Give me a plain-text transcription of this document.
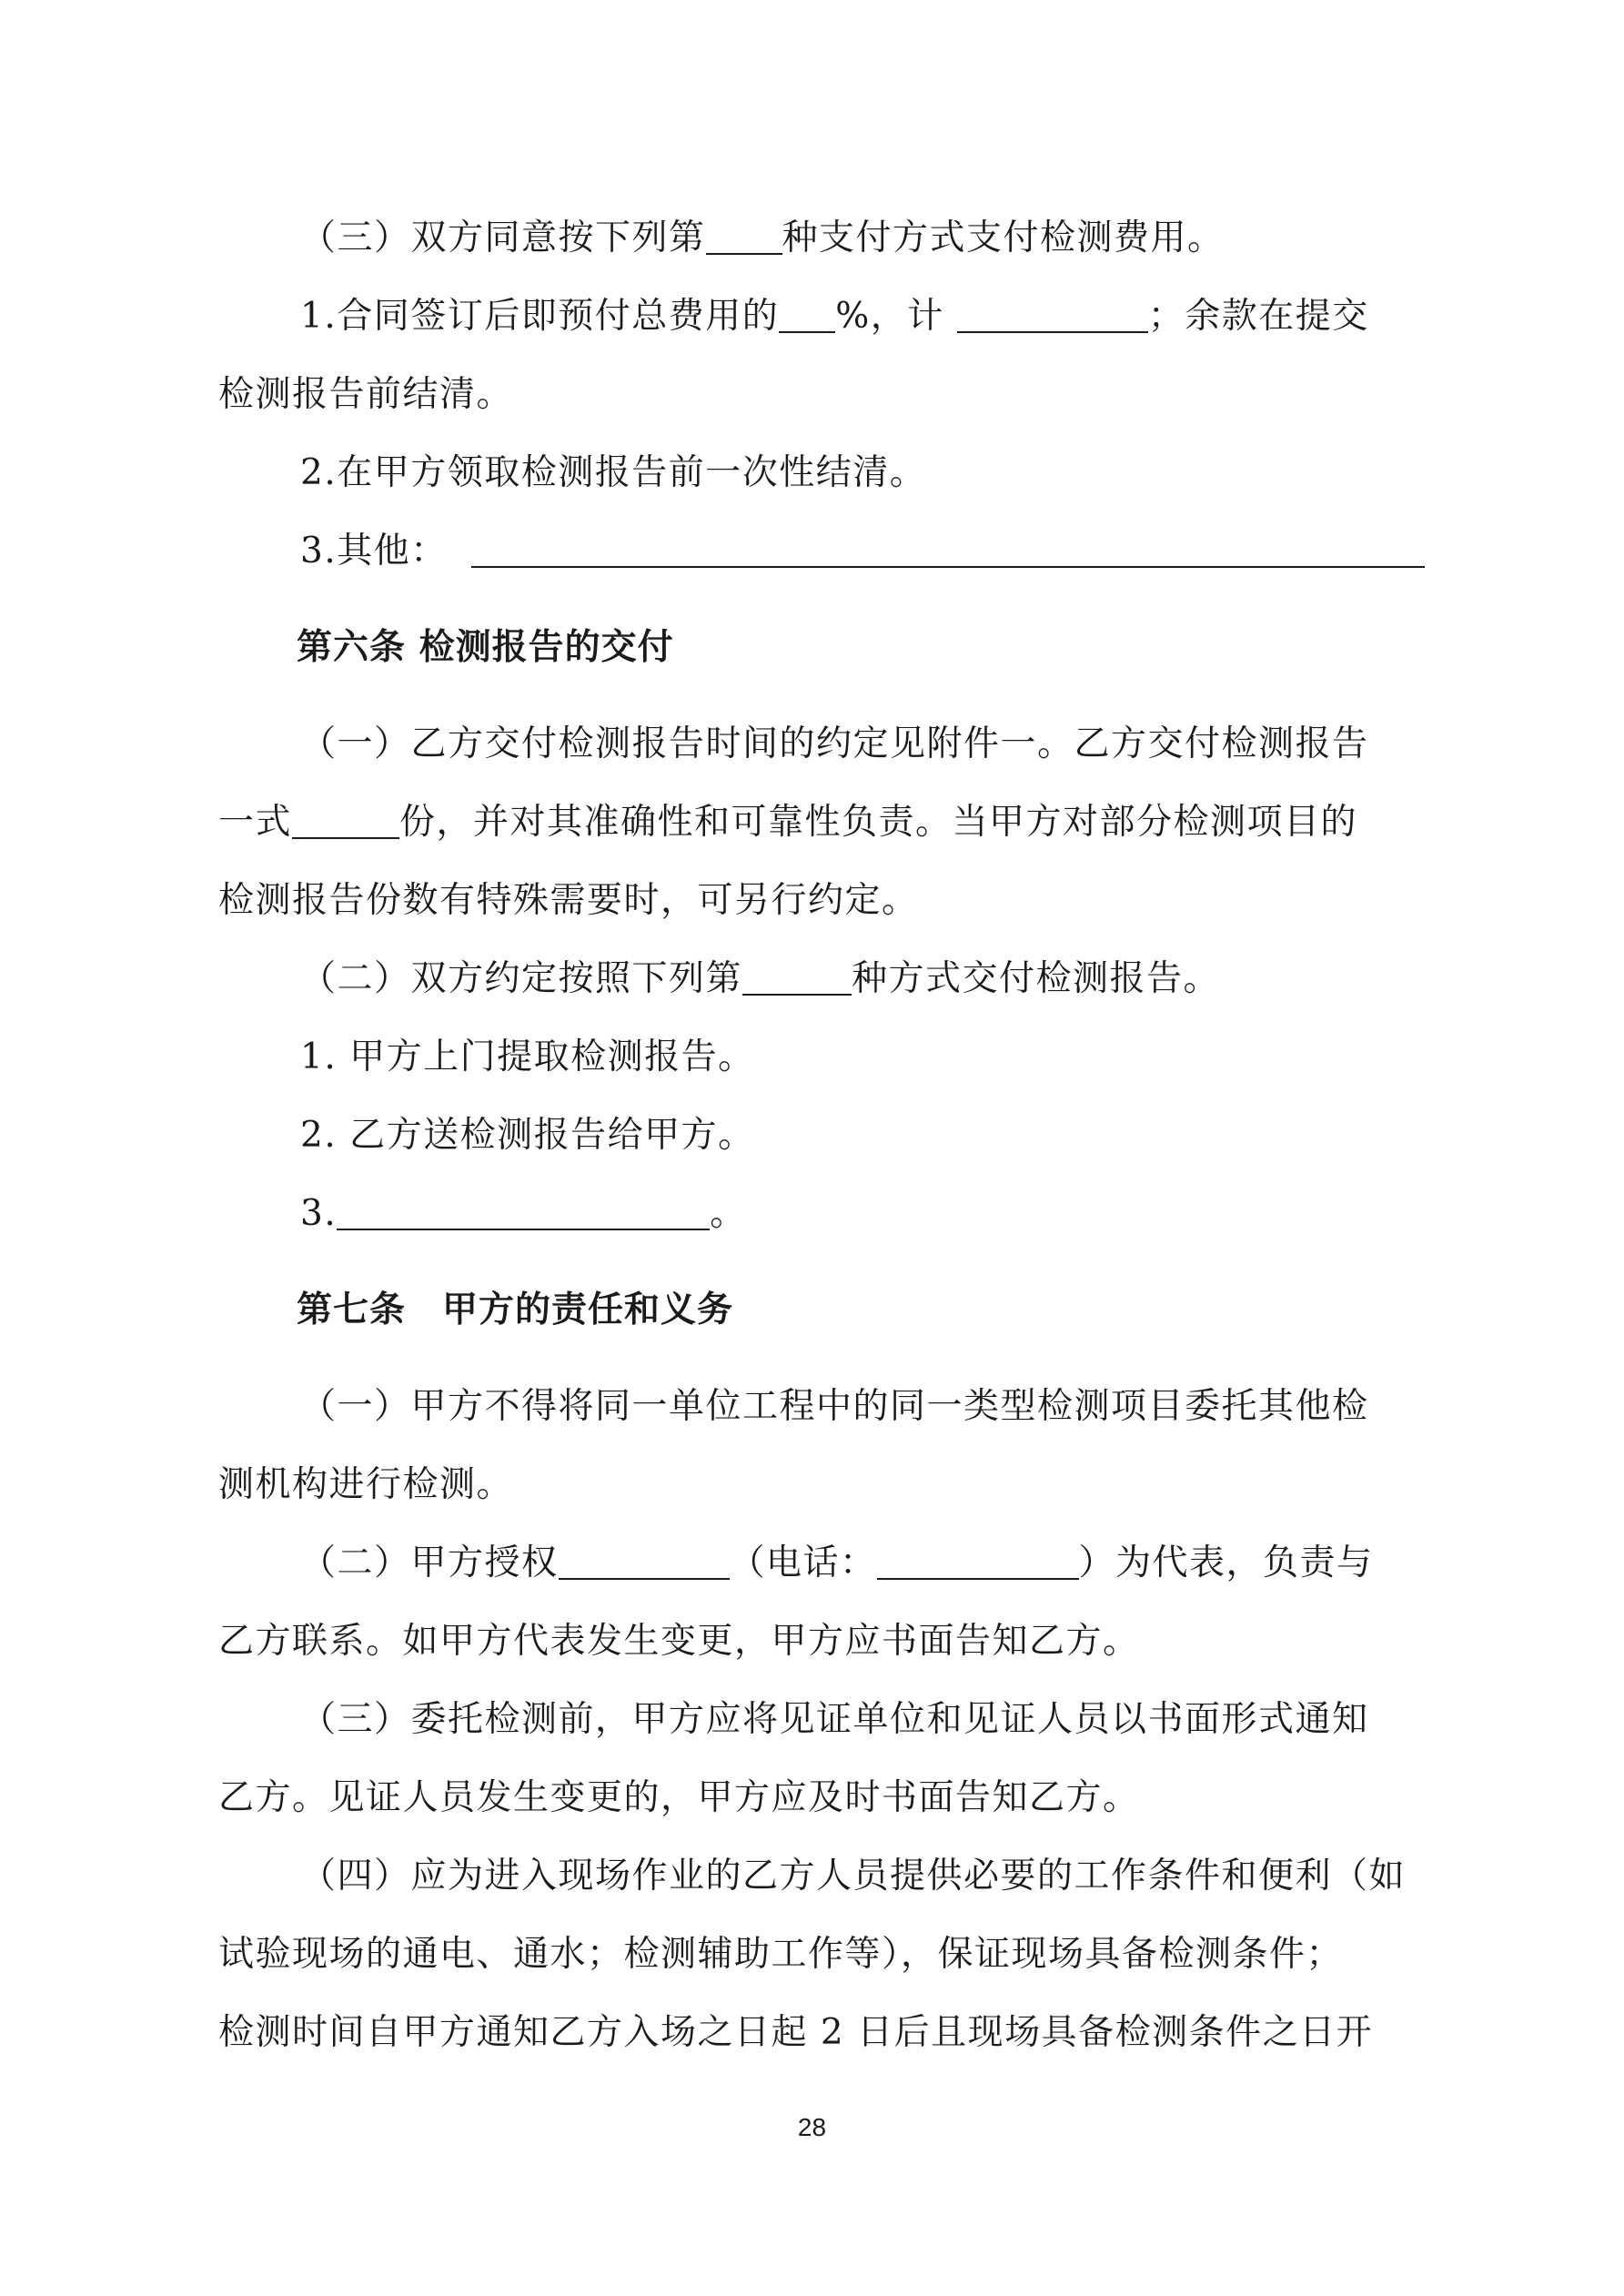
（三）双方同意按下列第 种支付方式支付检测费用。
1.合同签订后即预付总费用的 %，计	；余款在提交
检测报告前结清。
2.在甲方领取检测报告前一次性结清。
3.其他：
第六条 检测报告的交付
（一）乙方交付检测报告时间的约定见附件一。乙方交付检测报告
一式	份，并对其准确性和可靠性负责。当甲方对部分检测项目的
检测报告份数有特殊需要时，可另行约定。
（二）双方约定按照下列第	种方式交付检测报告。
1. 甲方上门提取检测报告。
2. 乙方送检测报告给甲方。
3.	。
第七条　甲方的责任和义务
（一）甲方不得将同一单位工程中的同一类型检测项目委托其他检
测机构进行检测。
（二）甲方授权	（电话：	）为代表，负责与
乙方联系。如甲方代表发生变更，甲方应书面告知乙方。
（三）委托检测前，甲方应将见证单位和见证人员以书面形式通知
乙方。见证人员发生变更的，甲方应及时书面告知乙方。
（四）应为进入现场作业的乙方人员提供必要的工作条件和便利（如
试验现场的通电、通水；检测辅助工作等），保证现场具备检测条件；
检测时间自甲方通知乙方入场之日起 2 日后且现场具备检测条件之日开
28
